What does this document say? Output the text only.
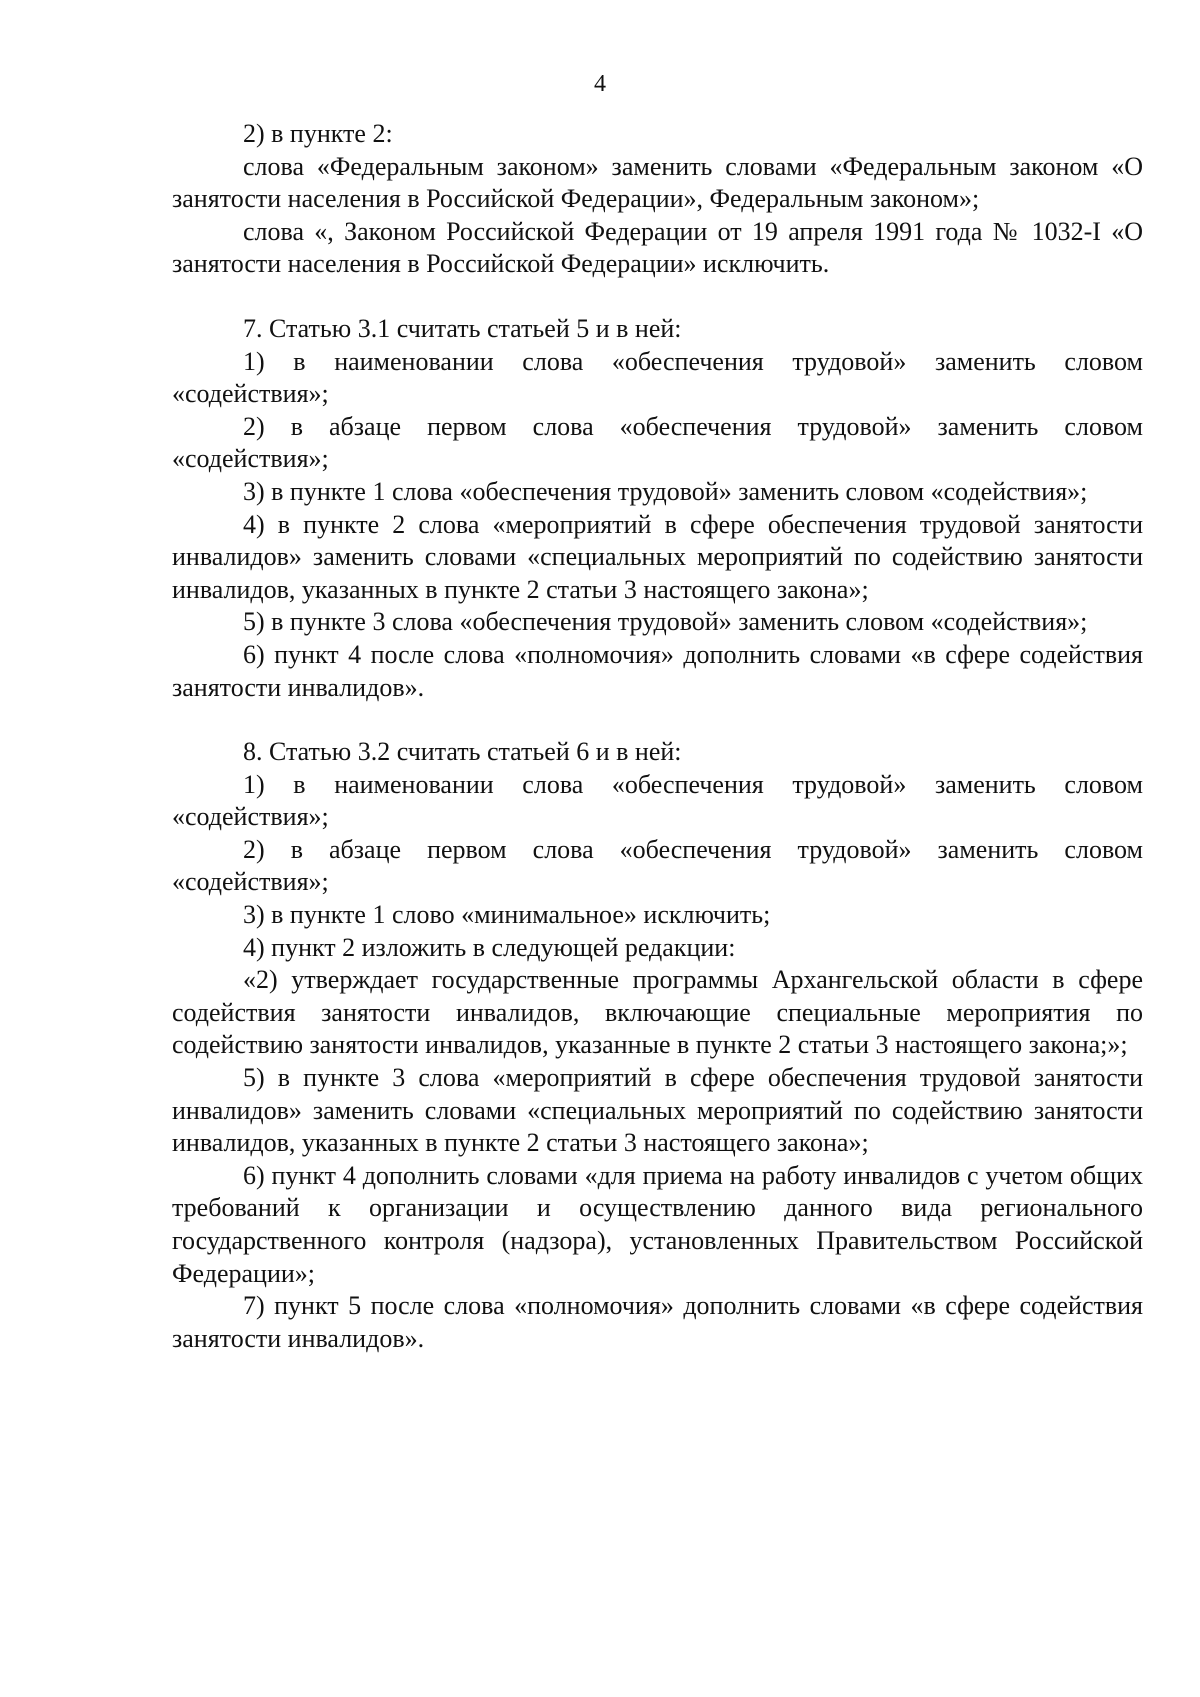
4

2) в пункте 2:

слова «Федеральным законом» заменить словами «Федеральным законом «О занятости населения в Российской Федерации», Федеральным законом»;

слова «, Законом Российской Федерации от 19 апреля 1991 года № 1032-I «О занятости населения в Российской Федерации» исключить.

7. Статью 3.1 считать статьей 5 и в ней:

1) в наименовании слова «обеспечения трудовой» заменить словом «содействия»;

2) в абзаце первом слова «обеспечения трудовой» заменить словом «содействия»;

3) в пункте 1 слова «обеспечения трудовой» заменить словом «содействия»;

4) в пункте 2 слова «мероприятий в сфере обеспечения трудовой занятости инвалидов» заменить словами «специальных мероприятий по содействию занятости инвалидов, указанных в пункте 2 статьи 3 настоящего закона»;

5) в пункте 3 слова «обеспечения трудовой» заменить словом «содействия»;

6) пункт 4 после слова «полномочия» дополнить словами «в сфере содействия занятости инвалидов».

8. Статью 3.2 считать статьей 6 и в ней:

1) в наименовании слова «обеспечения трудовой» заменить словом «содействия»;

2) в абзаце первом слова «обеспечения трудовой» заменить словом «содействия»;

3) в пункте 1 слово «минимальное» исключить;

4) пункт 2 изложить в следующей редакции:

«2) утверждает государственные программы Архангельской области в сфере содействия занятости инвалидов, включающие специальные мероприятия по содействию занятости инвалидов, указанные в пункте 2 статьи 3 настоящего закона;»;

5) в пункте 3 слова «мероприятий в сфере обеспечения трудовой занятости инвалидов» заменить словами «специальных мероприятий по содействию занятости инвалидов, указанных в пункте 2 статьи 3 настоящего закона»;

6) пункт 4 дополнить словами «для приема на работу инвалидов с учетом общих требований к организации и осуществлению данного вида регионального государственного контроля (надзора), установленных Правительством Российской Федерации»;

7) пункт 5 после слова «полномочия» дополнить словами «в сфере содействия занятости инвалидов».
